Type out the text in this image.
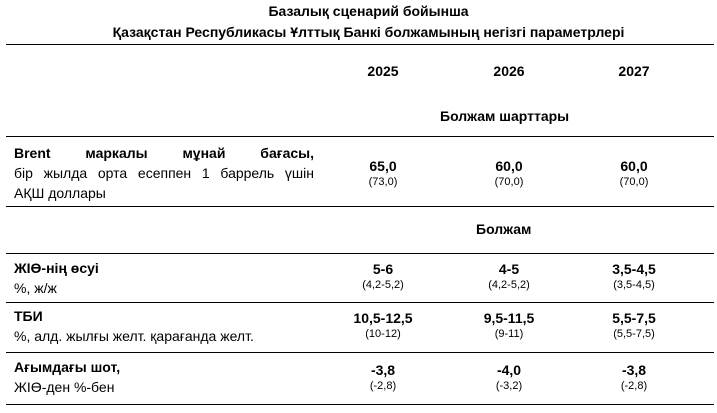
Базалық сценарий бойынша
Қазақстан Республикасы Ұлттық Банкі болжамының негізгі параметрлері
2025	2026	2027
Болжам шарттары
Brent маркалы мұнай бағасы,
бір жылда орта есеппен 1 баррель үшін
АҚШ доллары
65,0
(73,0)
60,0
(70,0)
60,0
(70,0)
Болжам
ЖІӨ-нің өсуі
%, ж/ж
5-6
(4,2-5,2)
4-5
(4,2-5,2)
3,5-4,5
(3,5-4,5)
ТБИ
%, алд. жылғы желт. қарағанда желт.
10,5-12,5
(10-12)
9,5-11,5
(9-11)
5,5-7,5
(5,5-7,5)
Ағымдағы шот,
ЖІӨ-ден %-бен
-3,8
(-2,8)
-4,0
(-3,2)
-3,8
(-2,8)
